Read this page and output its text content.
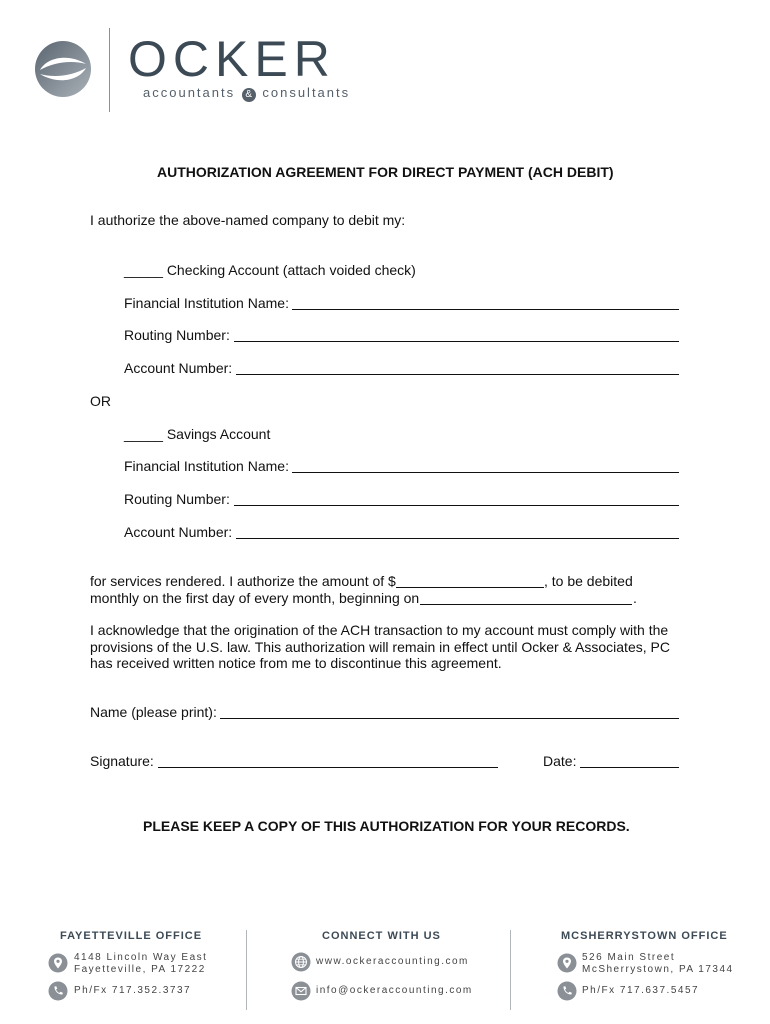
OCKER
accountants & consultants
AUTHORIZATION AGREEMENT FOR DIRECT PAYMENT (ACH DEBIT)
I authorize the above-named company to debit my:
_____ Checking Account (attach voided check)
Financial Institution Name:
Routing Number:
Account Number:
OR
_____ Savings Account
Financial Institution Name:
Routing Number:
Account Number:
for services rendered. I authorize the amount of $	, to be debited
monthly on the first day of every month, beginning on	.
I acknowledge that the origination of the ACH transaction to my account must comply with the
provisions of the U.S. law. This authorization will remain in effect until Ocker & Associates, PC
has received written notice from me to discontinue this agreement.
Name (please print):
Signature:	Date:
PLEASE KEEP A COPY OF THIS AUTHORIZATION FOR YOUR RECORDS.
FAYETTEVILLE OFFICE
4148 Lincoln Way East
Fayetteville, PA 17222
Ph/Fx 717.352.3737
CONNECT WITH US
www.ockeraccounting.com
info@ockeraccounting.com
MCSHERRYSTOWN OFFICE
526 Main Street
McSherrystown, PA 17344
Ph/Fx 717.637.5457
